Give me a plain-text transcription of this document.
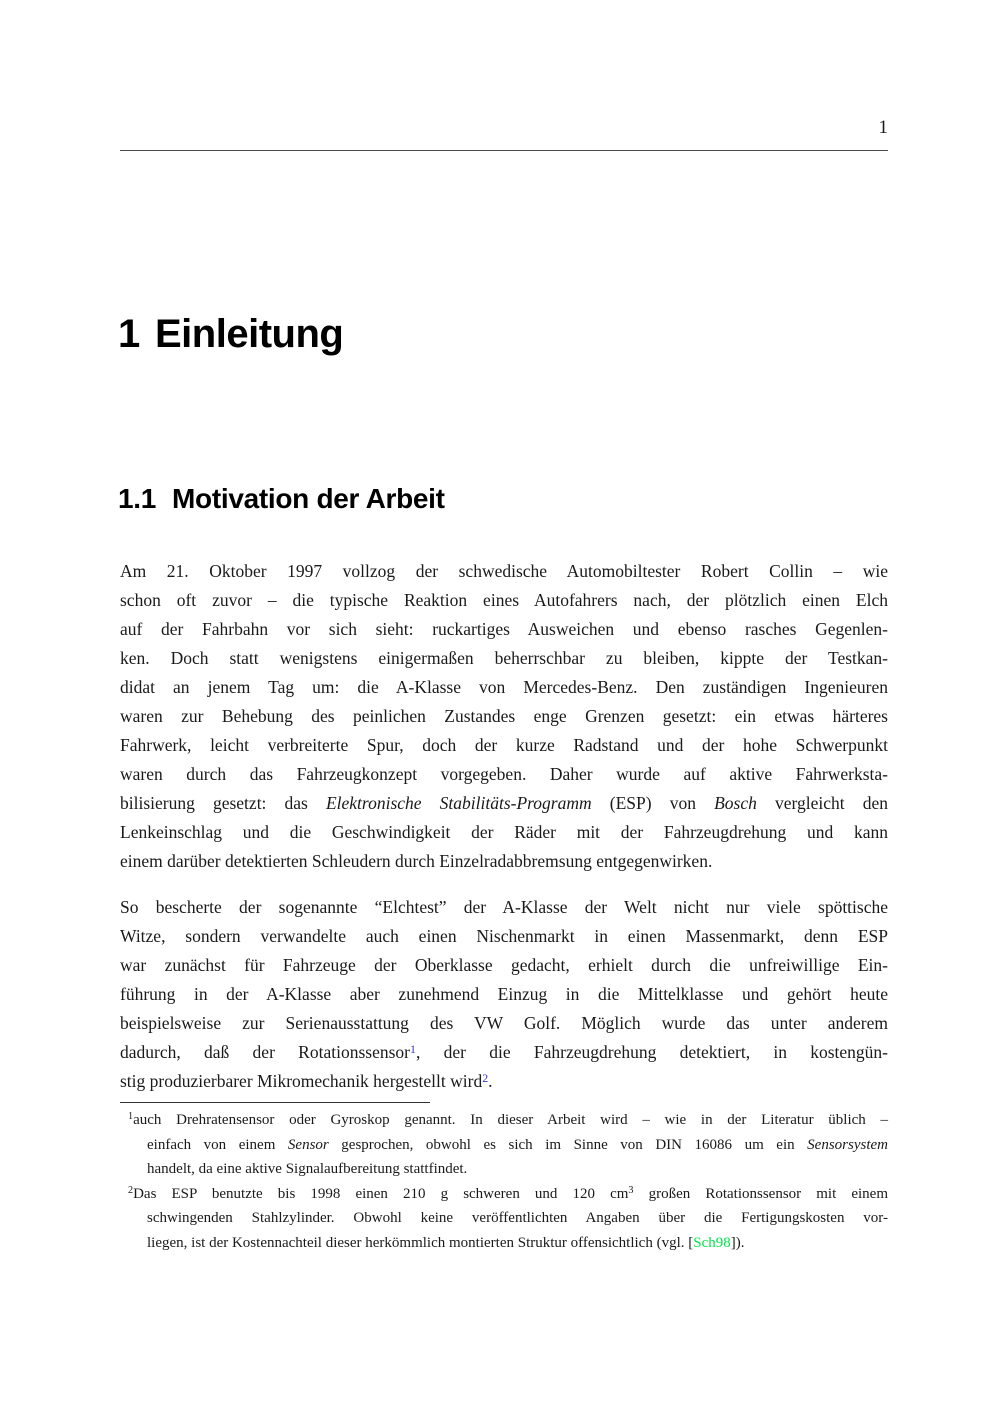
1
1 Einleitung
1.1 Motivation der Arbeit
Am 21. Oktober 1997 vollzog der schwedische Automobiltester Robert Collin – wie
schon oft zuvor – die typische Reaktion eines Autofahrers nach, der plötzlich einen Elch
auf der Fahrbahn vor sich sieht: ruckartiges Ausweichen und ebenso rasches Gegenlen-
ken. Doch statt wenigstens einigermaßen beherrschbar zu bleiben, kippte der Testkan-
didat an jenem Tag um: die A-Klasse von Mercedes-Benz. Den zuständigen Ingenieuren
waren zur Behebung des peinlichen Zustandes enge Grenzen gesetzt: ein etwas härteres
Fahrwerk, leicht verbreiterte Spur, doch der kurze Radstand und der hohe Schwerpunkt
waren durch das Fahrzeugkonzept vorgegeben. Daher wurde auf aktive Fahrwerksta-
bilisierung gesetzt: das Elektronische Stabilitäts-Programm (ESP) von Bosch vergleicht den
Lenkeinschlag und die Geschwindigkeit der Räder mit der Fahrzeugdrehung und kann
einem darüber detektierten Schleudern durch Einzelradabbremsung entgegenwirken.
So bescherte der sogenannte “Elchtest” der A-Klasse der Welt nicht nur viele spöttische
Witze, sondern verwandelte auch einen Nischenmarkt in einen Massenmarkt, denn ESP
war zunächst für Fahrzeuge der Oberklasse gedacht, erhielt durch die unfreiwillige Ein-
führung in der A-Klasse aber zunehmend Einzug in die Mittelklasse und gehört heute
beispielsweise zur Serienausstattung des VW Golf. Möglich wurde das unter anderem
dadurch, daß der Rotationssensor$^1$, der die Fahrzeugdrehung detektiert, in kostengün-
stig produzierbarer Mikromechanik hergestellt wird$^2$.
$^1$auch Drehratensensor oder Gyroskop genannt. In dieser Arbeit wird – wie in der Literatur üblich –
einfach von einem Sensor gesprochen, obwohl es sich im Sinne von DIN 16086 um ein Sensorsystem
handelt, da eine aktive Signalaufbereitung stattfindet.
$^2$Das ESP benutzte bis 1998 einen 210 g schweren und 120 $cm^3$ großen Rotationssensor mit einem
schwingenden Stahlzylinder. Obwohl keine veröffentlichten Angaben über die Fertigungskosten vor-
liegen, ist der Kostennachteil dieser herkömmlich montierten Struktur offensichtlich (vgl. [Sch98]).
